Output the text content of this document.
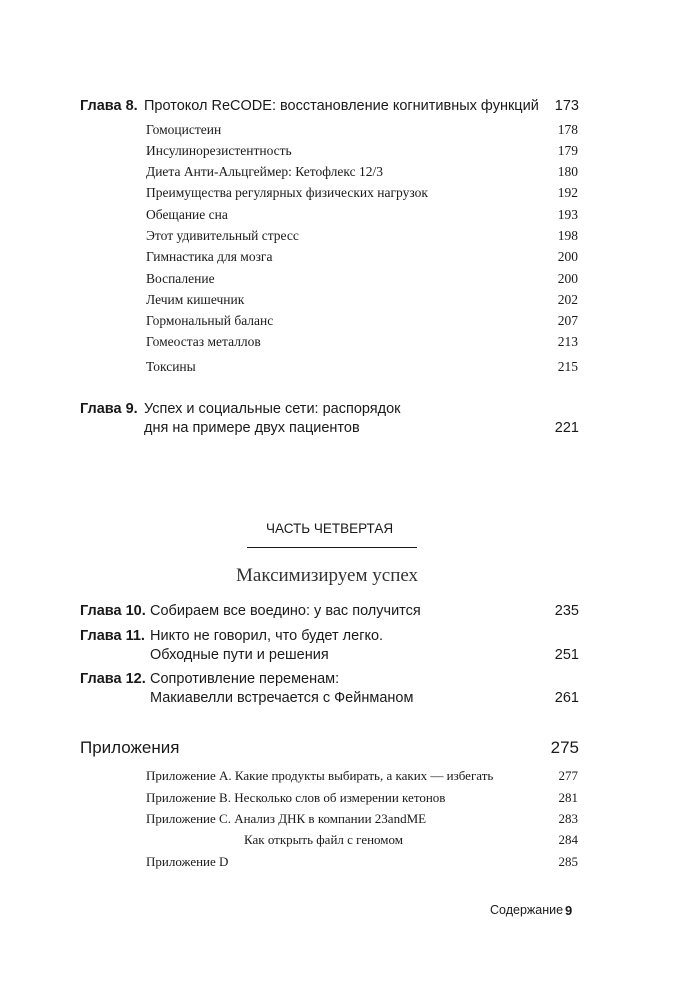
Глава 8. Протокол ReCODE: восстановление когнитивных функций 173
Гомоцистеин	178
Инсулинорезистентность	179
Диета Анти-Альцгеймер: Кетофлекс 12/3	180
Преимущества регулярных физических нагрузок	192
Обещание сна	193
Этот удивительный стресс	198
Гимнастика для мозга	200
Воспаление	200
Лечим кишечник	202
Гормональный баланс	207
Гомеостаз металлов	213
Токсины	215
Глава 9. Успех и социальные сети: распорядок
дня на примере двух пациентов	221
ЧАСТЬ ЧЕТВЕРТАЯ
Максимизируем успех
Глава 10. Собираем все воедино: у вас получится	235
Глава 11. Никто не говорил, что будет легко.
Обходные пути и решения	251
Глава 12. Сопротивление переменам:
Макиавелли встречается с Фейнманом	261
Приложения	275
Приложение А. Какие продукты выбирать, а каких — избегать	277
Приложение В. Несколько слов об измерении кетонов	281
Приложение С. Анализ ДНК в компании 23andME	283
Как открыть файл с геномом	284
Приложение D	285
Содержание 9
